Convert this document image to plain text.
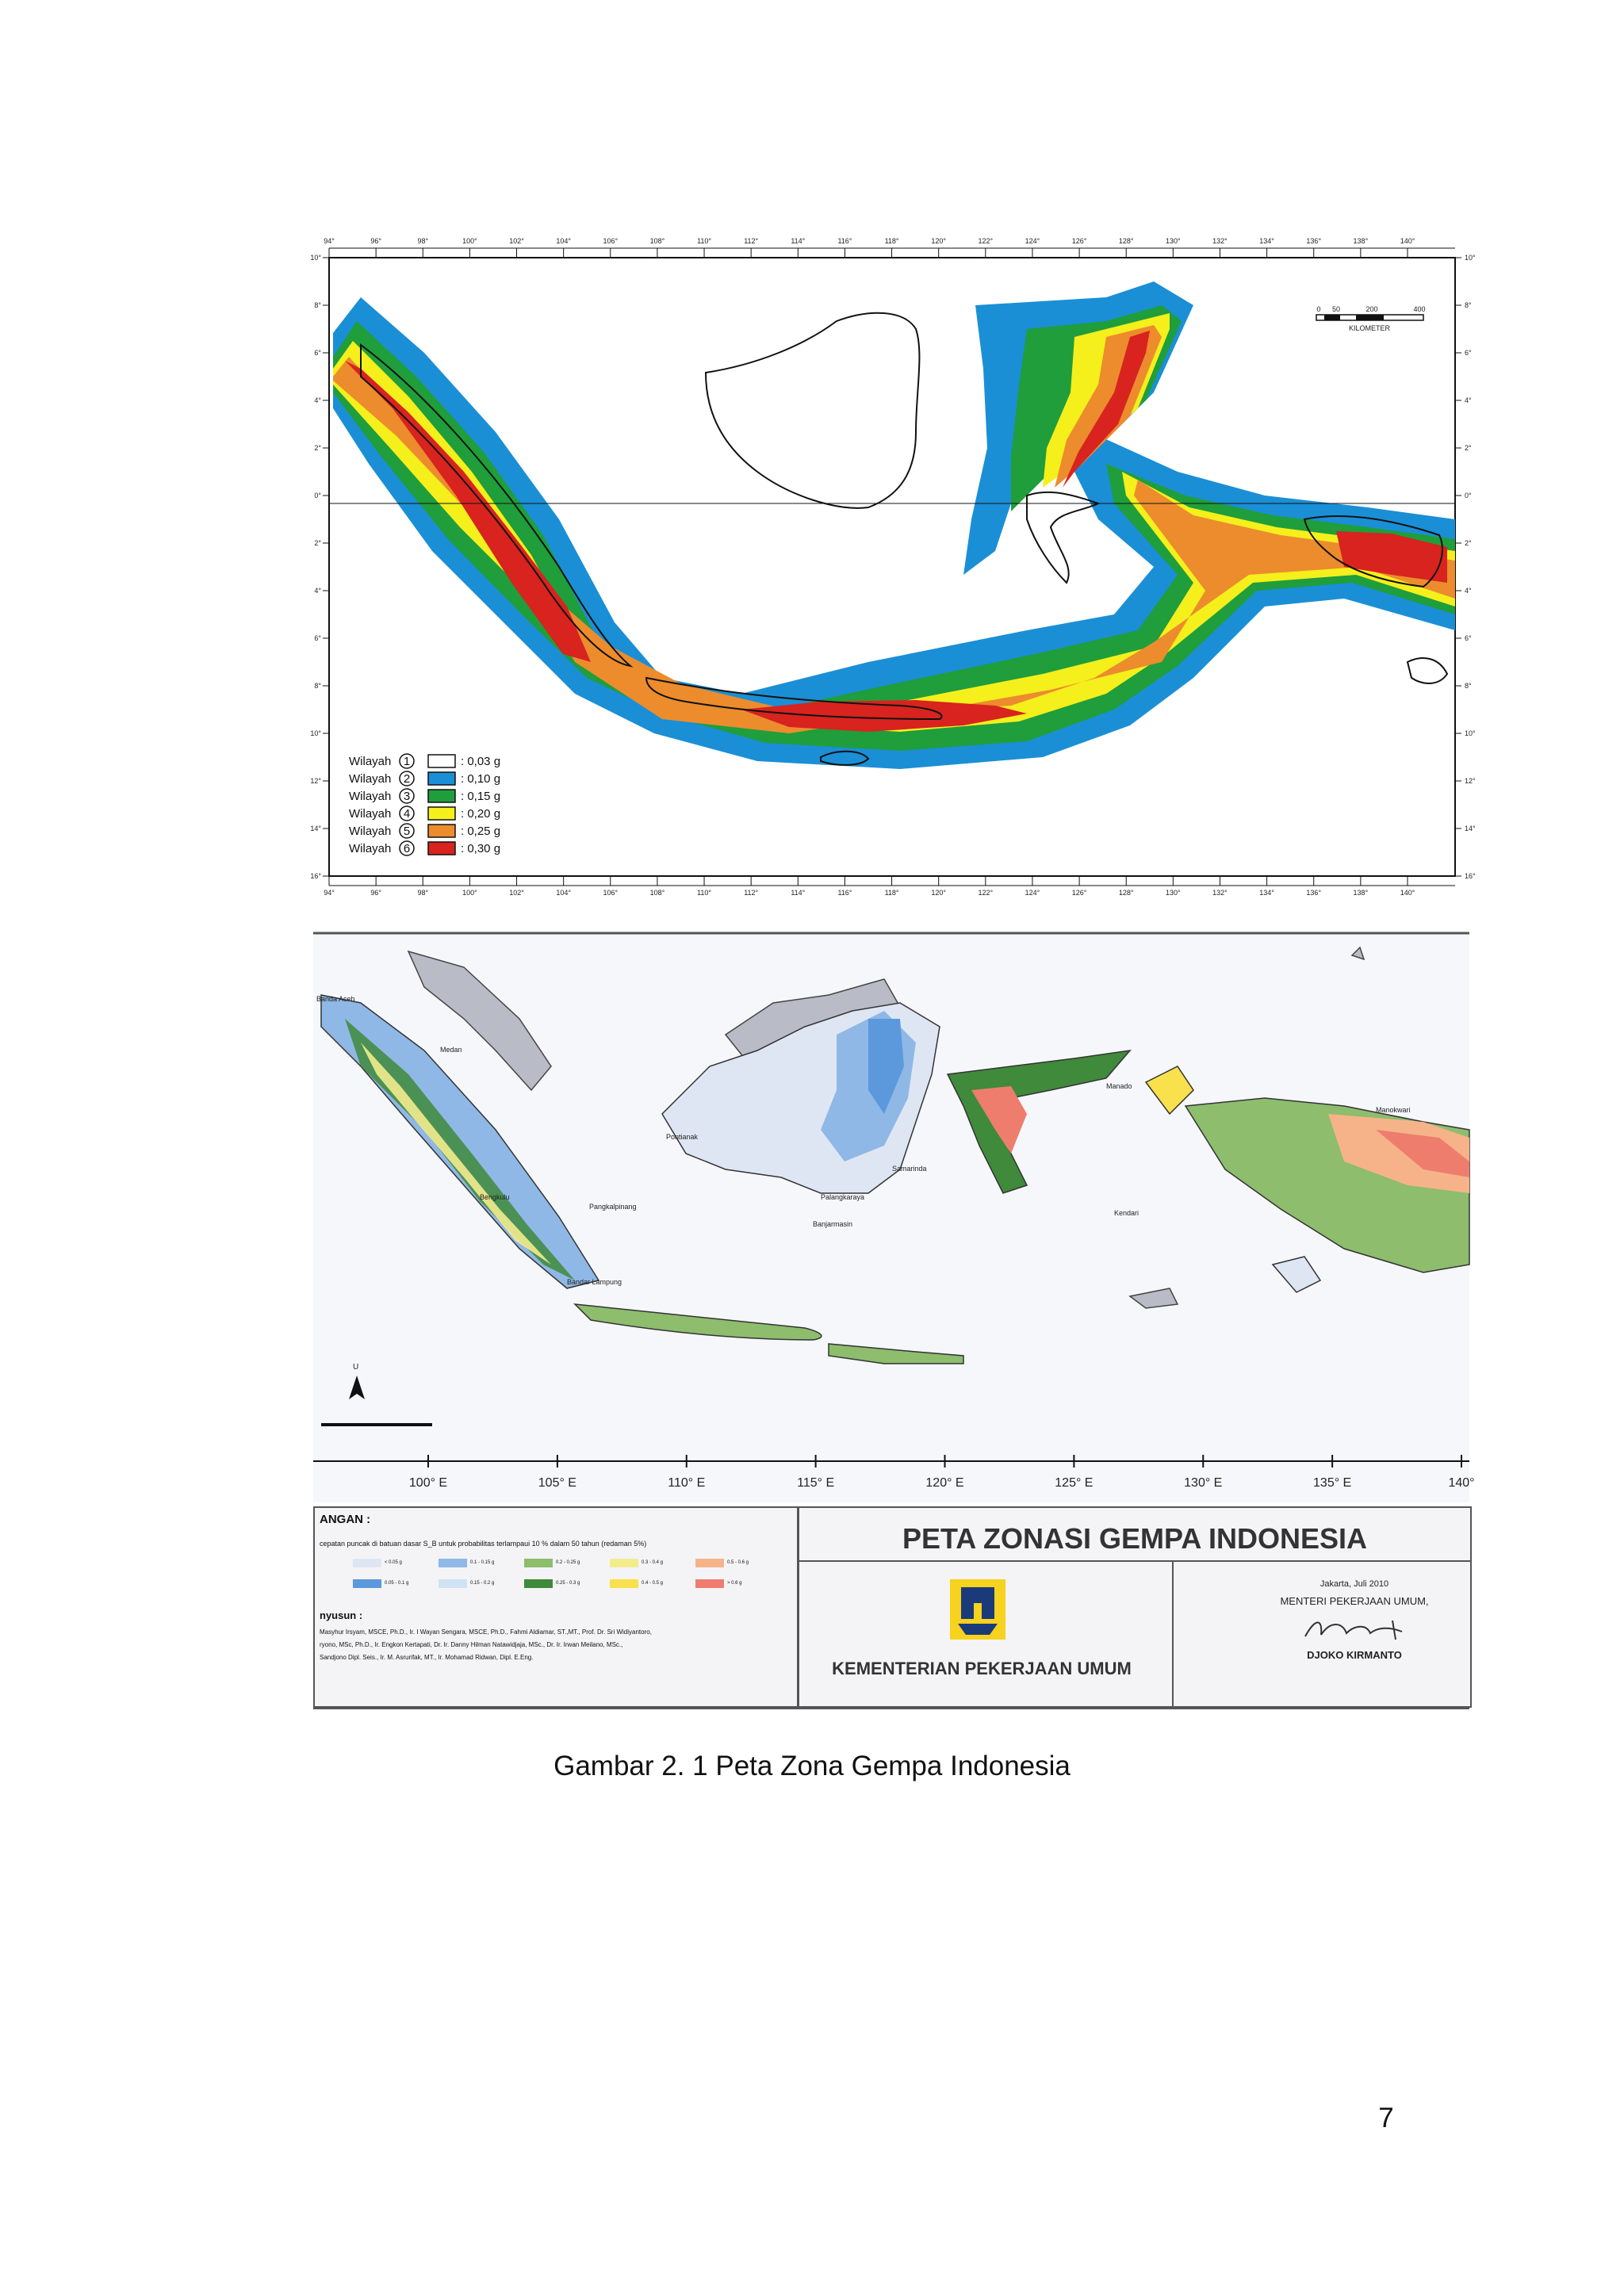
94°
94°
96°
96°
98°
98°
100°
100°
102°
102°
104°
104°
106°
106°
108°
108°
110°
110°
112°
112°
114°
114°
116°
116°
118°
118°
120°
120°
122°
122°
124°
124°
126°
126°
128°
128°
130°
130°
132°
132°
134°
134°
136°
136°
138°
138°
140°
140°
10°	10°
8°	8°
6°	6°
4°	4°
2°	2°
0°	0°
2°	2°
4°	4°
6°	6°
8°	8°
10°	10°
12°	12°
14°	14°
16°	16°
Wilayah 1	: 0,03 g
Wilayah 2	: 0,10 g
Wilayah 3	: 0,15 g
Wilayah 4	: 0,20 g
Wilayah 5	: 0,25 g
Wilayah 6	: 0,30 g
0 50	200	400
KILOMETER
U
100° E	105° E	110° E	115° E	120° E	125° E	130° E	135° E	140°
Banda Aceh
Medan
Bengkulu
Pangkalpinang
Bandar Lampung
Pontianak
Samarinda
Palangkaraya
Banjarmasin
Manado
Kendari
Manokwari
ANGAN :
cepatan puncak di batuan dasar S_B untuk probabilitas terlampaui 10 % dalam 50 tahun (redaman 5%)
< 0.05 g	0.1 - 0.15 g	0.2 - 0.25 g	0.3 - 0.4 g	0.5 - 0.6 g
0.05 - 0.1 g	0.15 - 0.2 g	0.25 - 0.3 g	0.4 - 0.5 g	> 0.6 g
nyusun :
Masyhur Irsyam, MSCE, Ph.D., Ir. I Wayan Sengara, MSCE, Ph.D., Fahmi Aldiamar, ST.,MT., Prof. Dr. Sri Widiyantoro,
ryono, MSc, Ph.D., Ir. Engkon Kertapati, Dr. Ir. Danny Hilman Natawidjaja, MSc., Dr. Ir. Irwan Meilano, MSc.,
Sandjono Dipl. Seis., Ir. M. Asrurifak, MT., Ir. Mohamad Ridwan, Dipl. E.Eng.
PETA ZONASI GEMPA INDONESIA
KEMENTERIAN PEKERJAAN UMUM
Jakarta, Juli 2010
MENTERI PEKERJAAN UMUM,
DJOKO KIRMANTO
Gambar 2. 1 Peta Zona Gempa Indonesia
7
